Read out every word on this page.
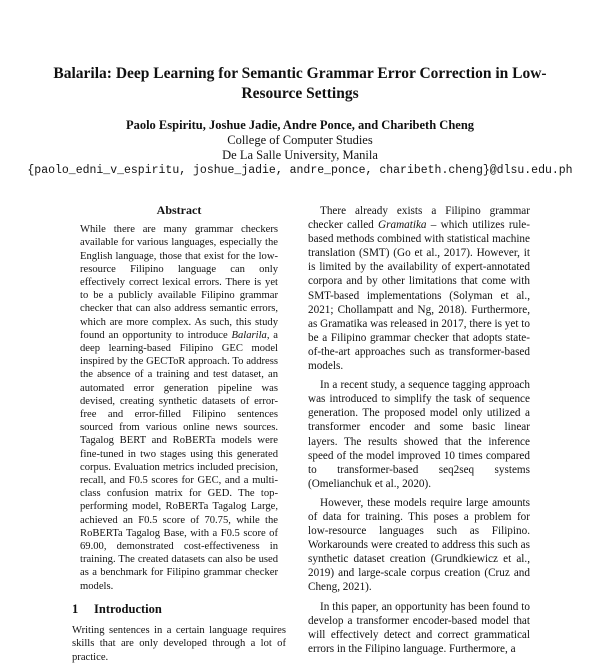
Balarila: Deep Learning for Semantic Grammar Error Correction in Low-Resource Settings
Paolo Espiritu, Joshue Jadie, Andre Ponce, and Charibeth Cheng
College of Computer Studies
De La Salle University, Manila
{paolo_edni_v_espiritu, joshue_jadie, andre_ponce, charibeth.cheng}@dlsu.edu.ph
Abstract
While there are many grammar checkers available for various languages, especially the English language, those that exist for the low-resource Filipino language can only effectively correct lexical errors. There is yet to be a publicly available Filipino grammar checker that can also address semantic errors, which are more complex. As such, this study found an opportunity to introduce Balarila, a deep learning-based Filipino GEC model inspired by the GECToR approach. To address the absence of a training and test dataset, an automated error generation pipeline was devised, creating synthetic datasets of error-free and error-filled Filipino sentences sourced from various online news sources. Tagalog BERT and RoBERTa models were fine-tuned in two stages using this generated corpus. Evaluation metrics included precision, recall, and F0.5 scores for GEC, and a multi-class confusion matrix for GED. The top-performing model, RoBERTa Tagalog Large, achieved an F0.5 score of 70.75, while the RoBERTa Tagalog Base, with a F0.5 score of 69.00, demonstrated cost-effectiveness in training. The created datasets can also be used as a benchmark for Filipino grammar checker models.
1 Introduction

Writing sentences in a certain language requires skills that are only developed through a lot of practice.

There already exists a Filipino grammar checker called Gramatika – which utilizes rule-based methods combined with statistical machine translation (SMT) (Go et al., 2017). However, it is limited by the availability of expert-annotated corpora and by other limitations that come with SMT-based implementations (Solyman et al., 2021; Chollampatt and Ng, 2018). Furthermore, as Gramatika was released in 2017, there is yet to be a Filipino grammar checker that adopts state-of-the-art approaches such as transformer-based models.

In a recent study, a sequence tagging approach was introduced to simplify the task of sequence generation. The proposed model only utilized a transformer encoder and some basic linear layers. The results showed that the inference speed of the model improved 10 times compared to transformer-based seq2seq systems (Omelianchuk et al., 2020).

However, these models require large amounts of data for training. This poses a problem for low-resource languages such as Filipino. Workarounds were created to address this such as synthetic dataset creation (Grundkiewicz et al., 2019) and large-scale corpus creation (Cruz and Cheng, 2021).

In this paper, an opportunity has been found to develop a transformer encoder-based model that will effectively detect and correct grammatical errors in the Filipino language. Furthermore, a
